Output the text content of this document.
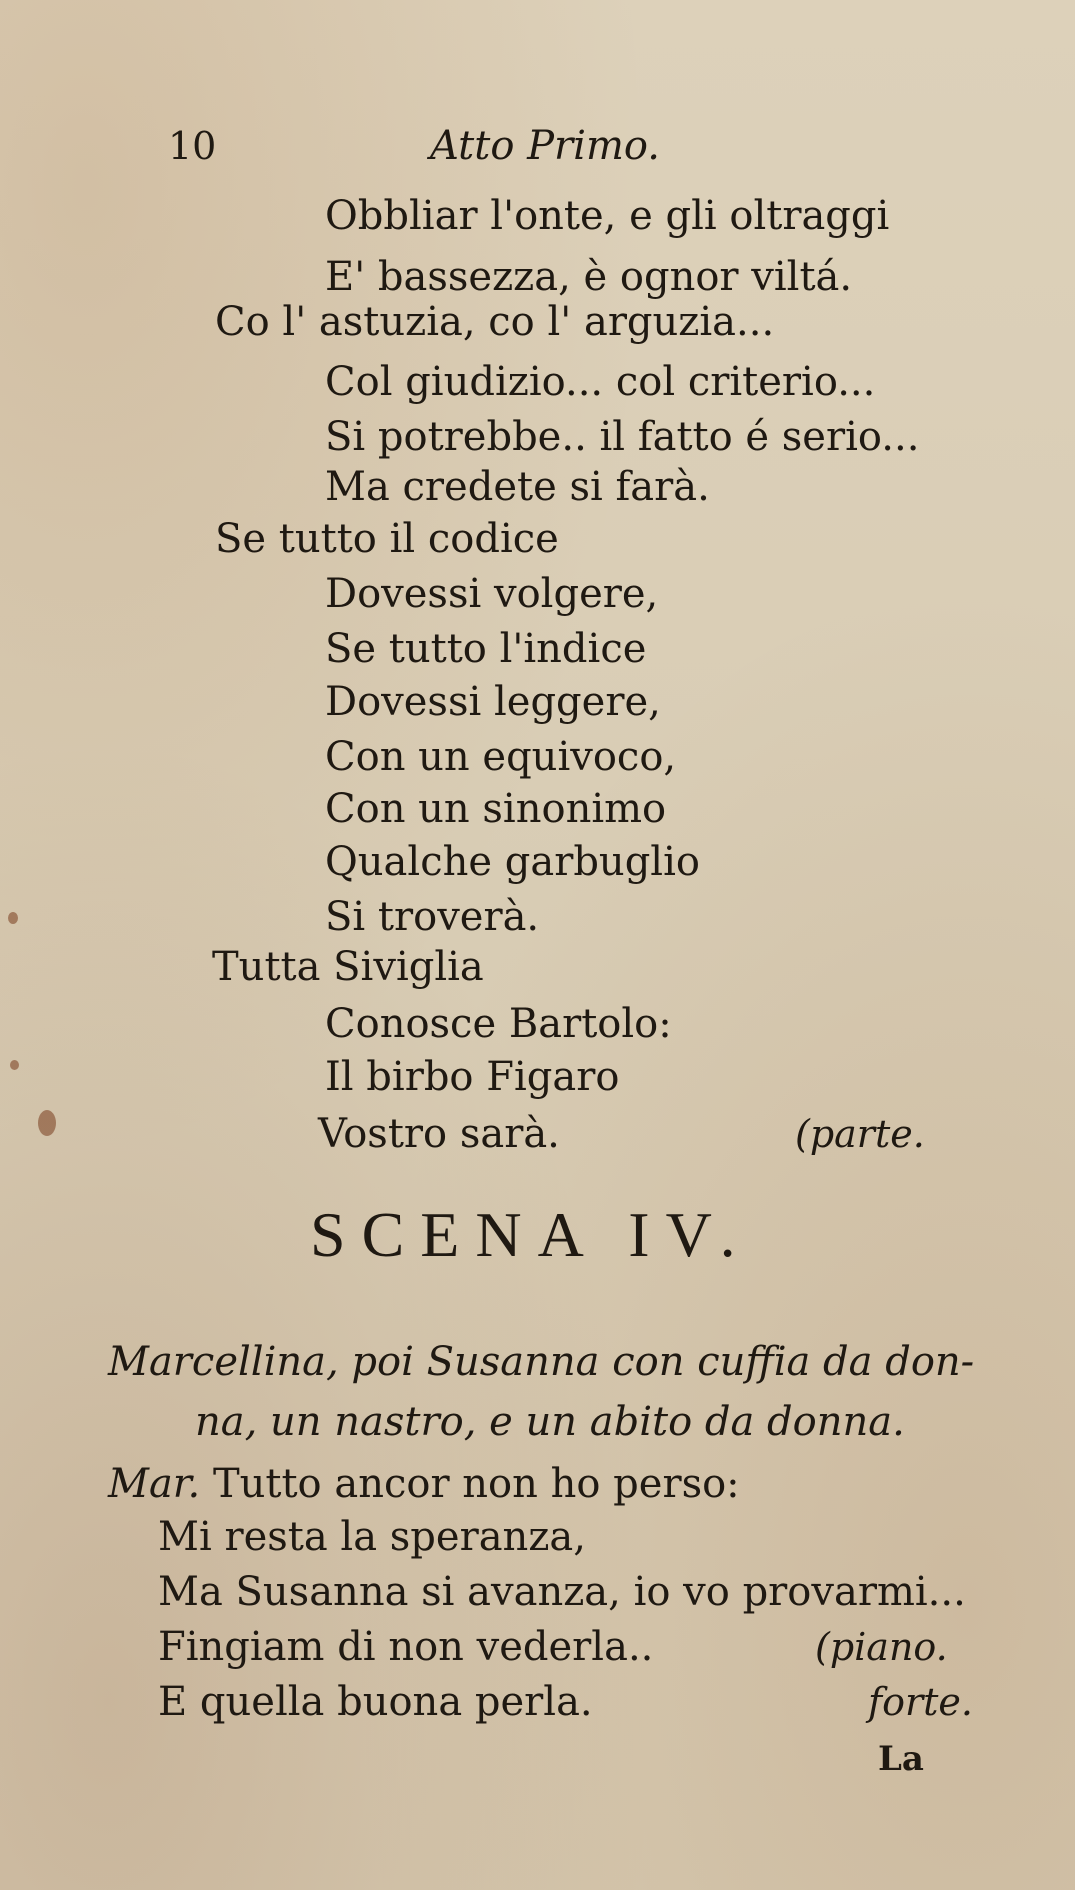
10	Atto Primo.
Obbliar l'onte, e gli oltraggi
E' bassezza, è ognor viltá.
Co l' astuzia, co l' arguzia...
Col giudizio... col criterio...
Si potrebbe.. il fatto é serio...
Ma credete si farà.
Se tutto il codice
Dovessi volgere,
Se tutto l'indice
Dovessi leggere,
Con un equivoco,
Con un sinonimo
Qualche garbuglio
Si troverà.
Tutta Siviglia
Conosce Bartolo:
Il birbo Figaro
Vostro sarà.	(parte.
SCENA IV.
Marcellina, poi Susanna con cuffia da don-
na, un nastro, e un abito da donna.
Mar. Tutto ancor non ho perso:
Mi resta la speranza,
Ma Susanna si avanza, io vo provarmi...
Fingiam di non vederla..	(piano.
E quella buona perla.	forte.
La
